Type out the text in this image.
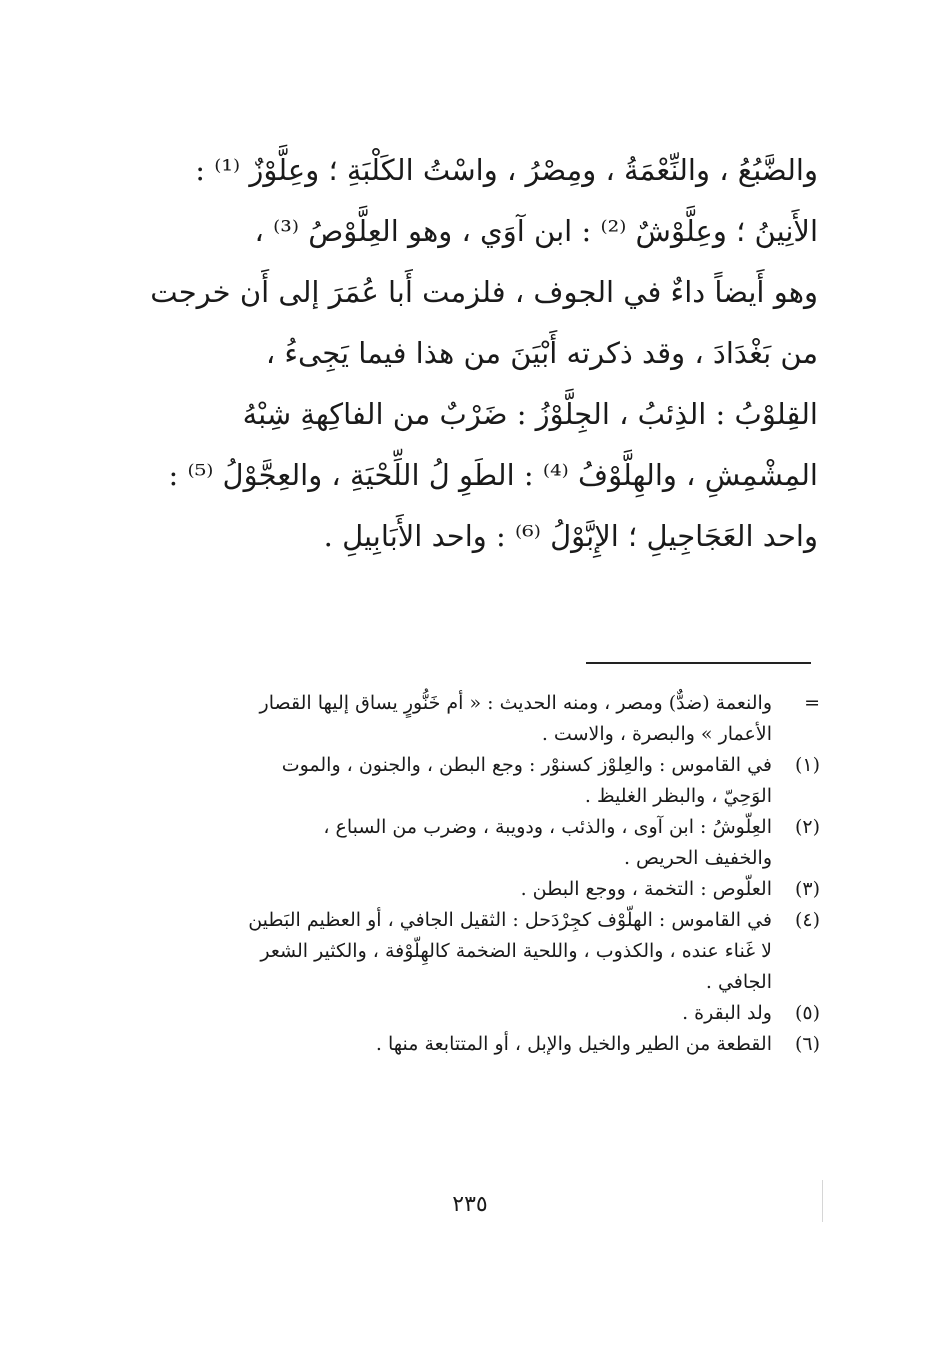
والضَّبُعُ ، والنِّعْمَةُ ، ومِصْرُ ، واسْتُ الكَلْبَةِ ؛ وعِلَّوْزٌ ⁽¹⁾ :
الأَنِينُ ؛ وعِلَّوْشٌ ⁽²⁾ : ابن آوَي ، وهو العِلَّوْصُ ⁽³⁾ ،
وهو أَيضاً داءٌ في الجوف ، فلزمت أَبا عُمَرَ إلى أَن خرجت
من بَغْدَادَ ، وقد ذكرته أَبْيَنَ من هذا فيما يَجِىءُ ،
القِلوْبُ : الذِئبُ ، الجِلَّوْزُ : ضَرْبٌ من الفاكِهةِ شِبْهُ
المِشْمِشِ ، والهِلَّوْفُ ⁽⁴⁾ : الطَوِ لُ اللِّحْيَةِ ، والعِجَّوْلُ ⁽⁵⁾ :
واحد العَجَاجِيلِ ؛ الإِبَّوْلُ ⁽⁶⁾ : واحد الأَبَابِيلِ .
=
والنعمة (ضدٌّ) ومصر ، ومنه الحديث : « أم خَنُّورٍ يساق إليها القصار
الأعمار » والبصرة ، والاست .
(١)
في القاموس : والعِلوْز كسنوْر : وجع البطن ، والجنون ، والموت
الوَحِيّ ، والبظر الغليظ .
(٢)
العِلّوشُ : ابن آوى ، والذئب ، ودويبة ، وضرب من السباع ،
والخفيف الحريص .
(٣)
العلّوص : التخمة ، ووجع البطن .
(٤)
في القاموس : الهلّوْف كجِرْدَحل : الثقيل الجافي ، أو العظيم البَطين
لا غَناء عنده ، والكذوب ، واللحية الضخمة كالهِلّوْفة ، والكثير الشعر
الجافي .
(٥)
ولد البقرة .
(٦)
القطعة من الطير والخيل والإبل ، أو المتتابعة منها .
٢٣٥
